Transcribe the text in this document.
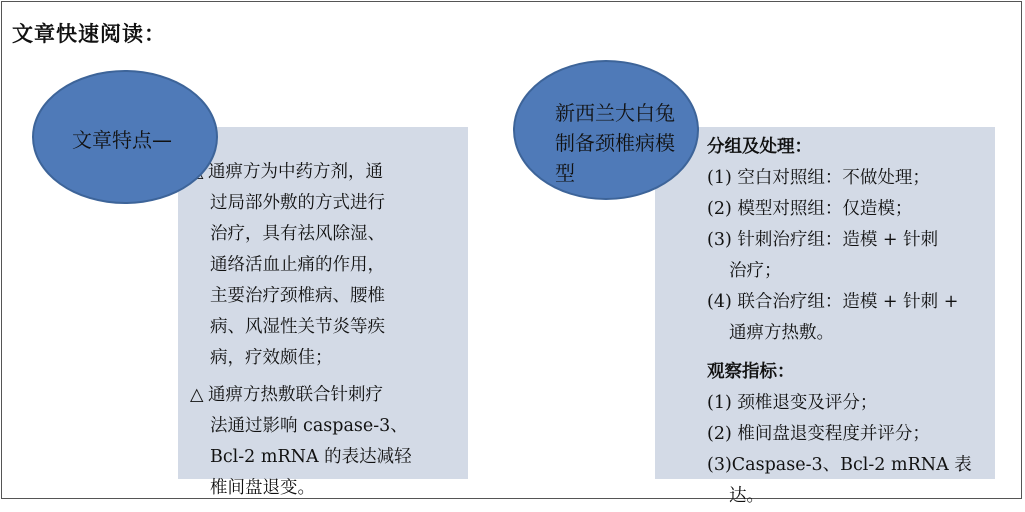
文章快速阅读：

通痹方为中药方剂，通
过局部外敷的方式进行
治疗，具有祛风除湿、
通络活血止痛的作用，
主要治疗颈椎病、腰椎
病、风湿性关节炎等疾
病，疗效颇佳；

△ 通痹方热敷联合针刺疗
法通过影响 caspase-3、
Bcl-2 mRNA 的表达减轻
椎间盘退变。

文章特点—	分组及处理：

(1) 空白对照组：不做处理；

(2) 模型对照组：仅造模；

(3) 针刺治疗组：造模 + 针刺

治疗；

(4) 联合治疗组：造模 + 针刺 +

通痹方热敷。

观察指标：

(1) 颈椎退变及评分；

(2) 椎间盘退变程度并评分；

(3)Caspase-3、Bcl-2 mRNA 表

达。

新西兰大白兔
制备颈椎病模
型
